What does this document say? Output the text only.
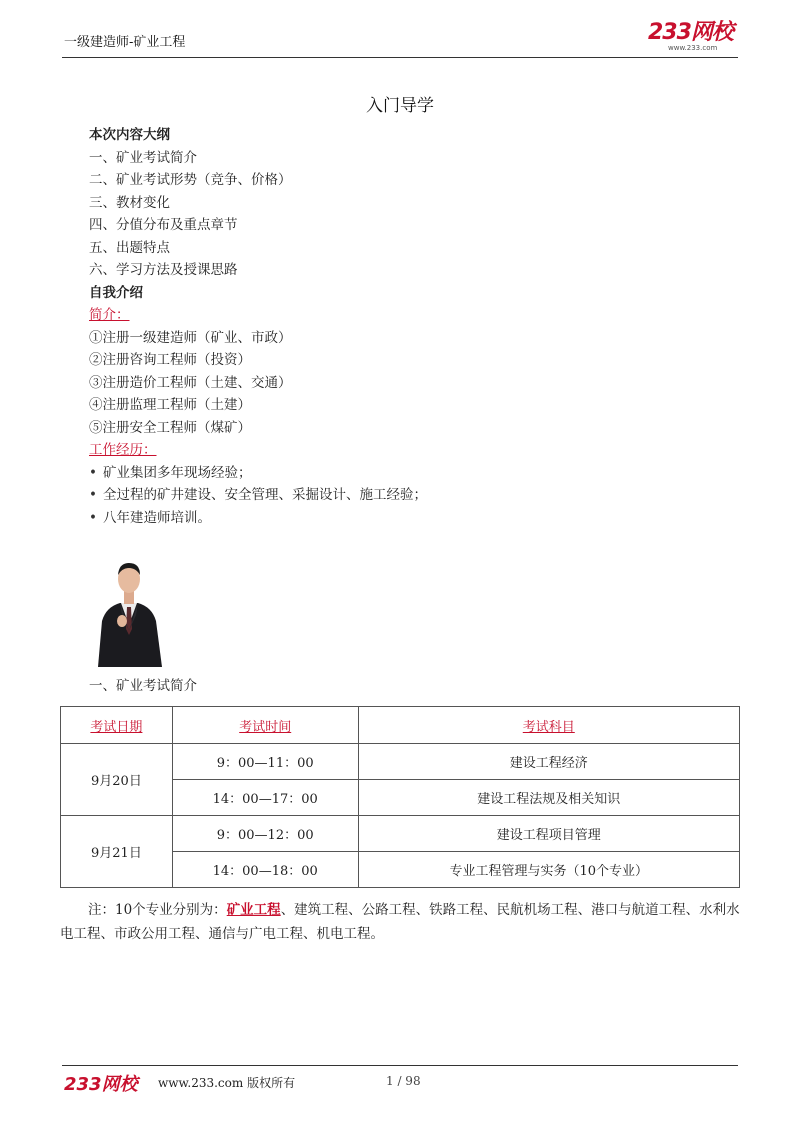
一级建造师-矿业工程	233网校
www.233.com
入门导学
本次内容大纲
一、矿业考试简介
二、矿业考试形势（竞争、价格）
三、教材变化
四、分值分布及重点章节
五、出题特点
六、学习方法及授课思路
自我介绍
简介：
①注册一级建造师（矿业、市政）
②注册咨询工程师（投资）
③注册造价工程师（土建、交通）
④注册监理工程师（土建）
⑤注册安全工程师（煤矿）
工作经历：
• 矿业集团多年现场经验；
• 全过程的矿井建设、安全管理、采掘设计、施工经验；
• 八年建造师培训。
一、矿业考试简介
考试日期	考试时间	考试科目
9月20日	9：00—11：00	建设工程经济
	14：00—17：00	建设工程法规及相关知识
9月21日	9：00—12：00	建设工程项目管理
	14：00—18：00	专业工程管理与实务（10个专业）
注：10个专业分别为：矿业工程、建筑工程、公路工程、铁路工程、民航机场工程、港口与航道工程、水利水电工程、市政公用工程、通信与广电工程、机电工程。
233网校 www.233.com 版权所有	1 / 98
